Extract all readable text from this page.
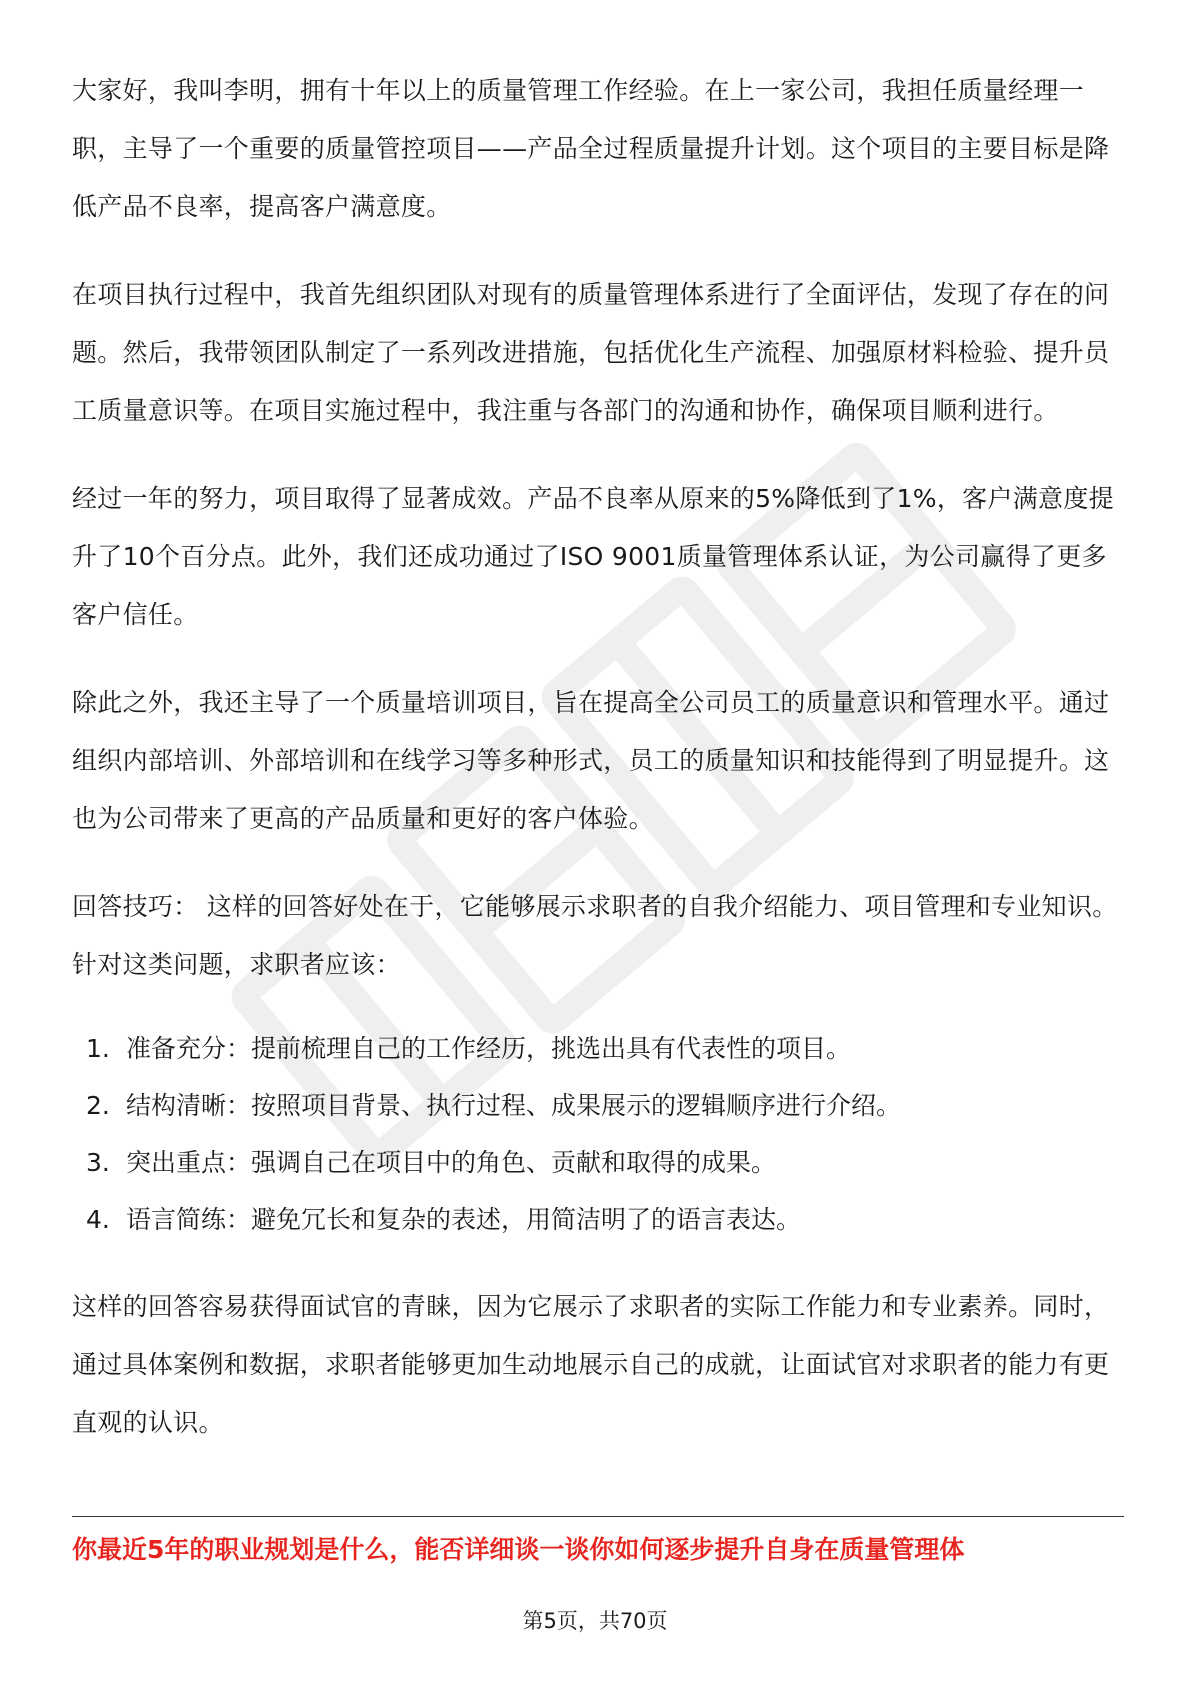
大家好，我叫李明，拥有十年以上的质量管理工作经验。在上一家公司，我担任质量经理一职，主导了一个重要的质量管控项目——产品全过程质量提升计划。这个项目的主要目标是降低产品不良率，提高客户满意度。

在项目执行过程中，我首先组织团队对现有的质量管理体系进行了全面评估，发现了存在的问题。然后，我带领团队制定了一系列改进措施，包括优化生产流程、加强原材料检验、提升员工质量意识等。在项目实施过程中，我注重与各部门的沟通和协作，确保项目顺利进行。

经过一年的努力，项目取得了显著成效。产品不良率从原来的5%降低到了1%，客户满意度提升了10个百分点。此外，我们还成功通过了ISO 9001质量管理体系认证，为公司赢得了更多客户信任。

除此之外，我还主导了一个质量培训项目，旨在提高全公司员工的质量意识和管理水平。通过组织内部培训、外部培训和在线学习等多种形式，员工的质量知识和技能得到了明显提升。这也为公司带来了更高的产品质量和更好的客户体验。

回答技巧： 这样的回答好处在于，它能够展示求职者的自我介绍能力、项目管理和专业知识。针对这类问题，求职者应该：

1. 准备充分：提前梳理自己的工作经历，挑选出具有代表性的项目。
2. 结构清晰：按照项目背景、执行过程、成果展示的逻辑顺序进行介绍。
3. 突出重点：强调自己在项目中的角色、贡献和取得的成果。
4. 语言简练：避免冗长和复杂的表述，用简洁明了的语言表达。

这样的回答容易获得面试官的青睐，因为它展示了求职者的实际工作能力和专业素养。同时，通过具体案例和数据，求职者能够更加生动地展示自己的成就，让面试官对求职者的能力有更直观的认识。

你最近5年的职业规划是什么，能否详细谈一谈你如何逐步提升自身在质量管理体
第5页，共70页
